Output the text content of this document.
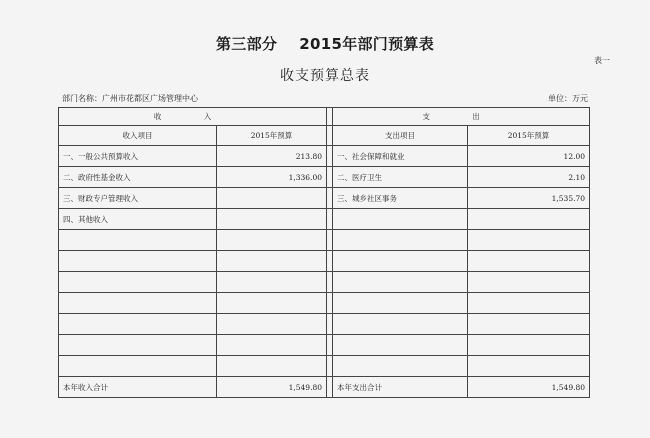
第三部分    2015年部门预算表
表一
收支预算总表
部门名称：广州市花都区广场管理中心	单位：万元
收 入			支 出	
收入项目	2015年预算		支出项目	2015年预算
一、一般公共预算收入	213.80		一、社会保障和就业	12.00
二、政府性基金收入	1,336.00		二、医疗卫生	2.10
三、财政专户管理收入			三、城乡社区事务	1,535.70
四、其他收入				

本年收入合计	1,549.80		本年支出合计	1,549.80
